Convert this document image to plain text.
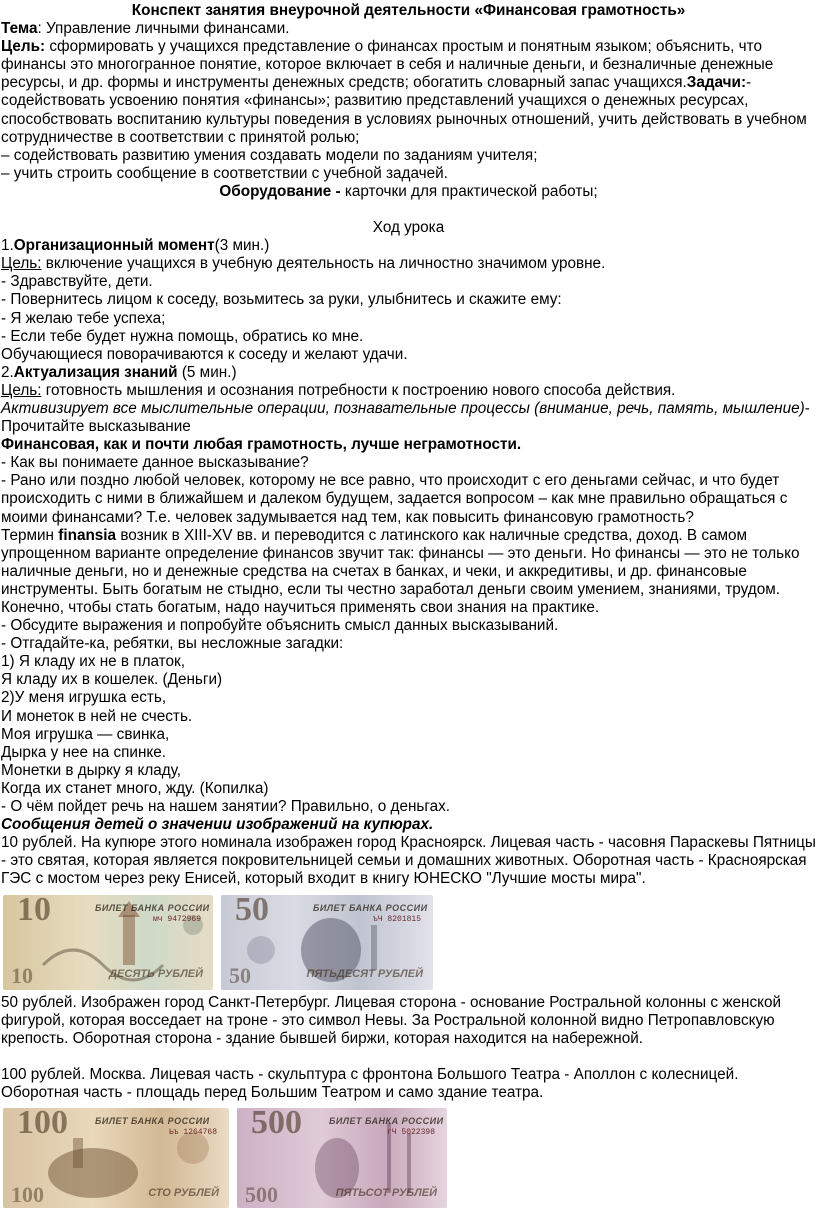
Конспект занятия внеурочной деятельности «Финансовая грамотность»

Тема: Управление личными финансами.

Цель: сформировать у учащихся представление о финансах простым и понятным языком; объяснить, что финансы это многогранное понятие, которое включает в себя и наличные деньги, и безналичные денежные ресурсы, и др. формы и инструменты денежных средств; обогатить словарный запас учащихся.Задачи:- содействовать усвоению понятия «финансы»; развитию представлений учащихся о денежных ресурсах, способствовать воспитанию культуры поведения в условиях рыночных отношений, учить действовать в учебном сотрудничестве в соответствии с принятой ролью;

– содействовать развитию умения создавать модели по заданиям учителя;

– учить строить сообщение в соответствии с учебной задачей.

Оборудование - карточки для практической работы;

Ход урока

1.Организационный момент(3 мин.)

Цель: включение учащихся в учебную деятельность на личностно значимом уровне.

- Здравствуйте, дети.

- Повернитесь лицом к соседу, возьмитесь за руки, улыбнитесь и скажите ему:

- Я желаю тебе успеха;

- Если тебе будет нужна помощь, обратись ко мне.

Обучающиеся поворачиваются к соседу и желают удачи.

2.Актуализация знаний (5 мин.)

Цель: готовность мышления и осознания потребности к построению нового способа действия.

Активизирует все мыслительные операции, познавательные процессы (внимание, речь, память, мышление)-Прочитайте высказывание

Финансовая, как и почти любая грамотность, лучше неграмотности.

- Как вы понимаете данное высказывание?

- Рано или поздно любой человек, которому не все равно, что происходит с его деньгами сейчас, и что будет происходить с ними в ближайшем и далеком будущем, задается вопросом – как мне правильно обращаться с моими финансами? Т.е. человек задумывается над тем, как повысить финансовую грамотность?

Термин finansia возник в XIII-XV вв. и переводится с латинского как наличные средства, доход. В самом упрощенном варианте определение финансов звучит так: финансы — это деньги. Но финансы — это не только наличные деньги, но и денежные средства на счетах в банках, и чеки, и аккредитивы, и др. финансовые инструменты. Быть богатым не стыдно, если ты честно заработал деньги своим умением, знаниями, трудом. Конечно, чтобы стать богатым, надо научиться применять свои знания на практике.

- Обсудите выражения и попробуйте объяснить смысл данных высказываний.

- Отгадайте-ка, ребятки, вы несложные загадки:

1) Я кладу их не в платок,

Я кладу их в кошелек. (Деньги)

2)У меня игрушка есть,

И монеток в ней не счесть.

Моя игрушка — свинка,

Дырка у нее на спинке.

Монетки в дырку я кладу,

Когда их станет много, жду. (Копилка)

- О чём пойдет речь на нашем занятии? Правильно, о деньгах.

Сообщения детей о значении изображений на купюрах.

10 рублей. На купюре этого номинала изображен город Красноярск. Лицевая часть - часовня Параскевы Пятницы - это святая, которая является покровительницей семьи и домашних животных. Оборотная часть - Красноярская ГЭС с мостом через реку Енисей, который входит в книгу ЮНЕСКО "Лучшие мосты мира".

10	БИЛЕТ БАНКА РОССИИ
мч 9472969
ДЕСЯТЬ РУБЛЕЙ
10
50	БИЛЕТ БАНКА РОССИИ
ъЧ 8201815
ПЯТЬДЕСЯТ РУБЛЕЙ
50

50 рублей. Изображен город Санкт-Петербург. Лицевая сторона - основание Ростральной колонны с женской фигурой, которая восседает на троне - это символ Невы. За Ростральной колонной видно Петропавловскую крепость. Оборотная сторона - здание бывшей биржи, которая находится на набережной.

100 рублей. Москва. Лицевая часть - скульптура с фронтона Большого Театра - Аполлон с колесницей. Оборотная часть - площадь перед Большим Театром и само здание театра.

100	БИЛЕТ БАНКА РОССИИ
Ьъ 1264768
СТО РУБЛЕЙ
100
500	БИЛЕТ БАНКА РОССИИ
гЧ 5022398
ПЯТЬСОТ РУБЛЕЙ
500
